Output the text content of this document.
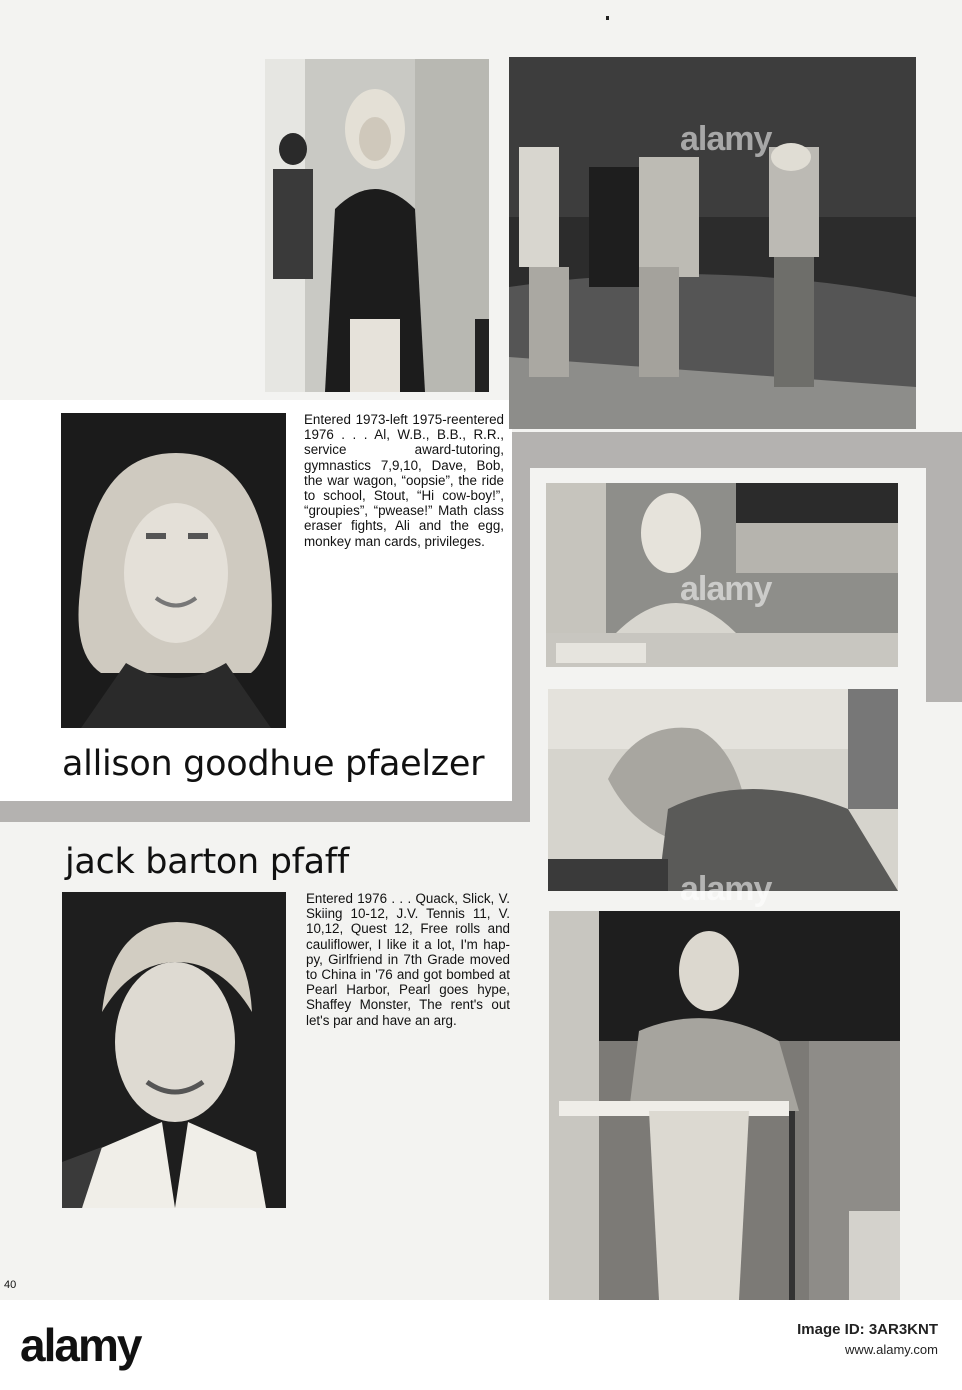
Entered 1973-left 1975-reentered 1976 . . . Al, W.B., B.B., R.R., service award-tutoring, gymnastics 7,9,10, Dave, Bob, the war wagon, “oopsie”, the ride to school, Stout, “Hi cow-boy!”, “groupies”, “pwease!” Math class eraser fights, Ali and the egg, monkey man cards, privileges.
allison goodhue pfaelzer
jack barton pfaff
Entered 1976 . . . Quack, Slick, V. Skiing 10-12, J.V. Tennis 11, V. 10,12, Quest 12, Free rolls and cauliflower, I like it a lot, I'm hap-py, Girlfriend in 7th Grade moved to China in '76 and got bombed at Pearl Harbor, Pearl goes hype, Shaffey Monster, The rent's out let's par and have an arg.
alamy
alamy
alamy
40
alamy	Image ID: 3AR3KNT
www.alamy.com
